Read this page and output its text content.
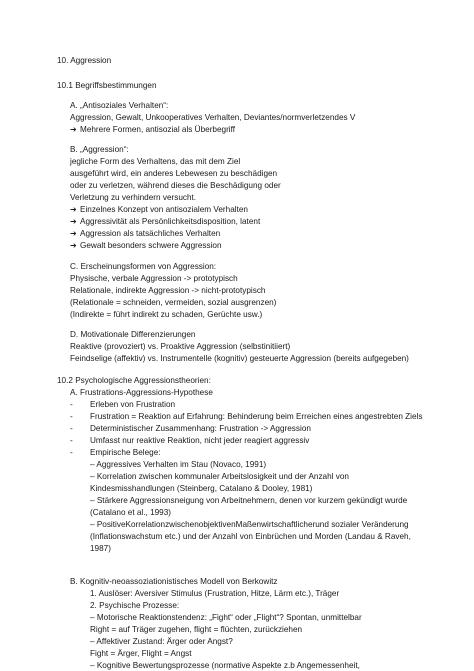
10. Aggression
10.1 Begriffsbestimmungen
A. „Antisoziales Verhalten“:
Aggression, Gewalt, Unkooperatives Verhalten, Deviantes/normverletzendes V
➔ Mehrere Formen, antisozial als Überbegriff
B. „Aggression“:
jegliche Form des Verhaltens, das mit dem Ziel
ausgeführt wird, ein anderes Lebewesen zu beschädigen
oder zu verletzen, während dieses die Beschädigung oder
Verletzung zu verhindern versucht.
➔ Einzelnes Konzept von antisozialem Verhalten
➔ Aggressivität als Persönlichkeitsdisposition, latent
➔ Aggression als tatsächliches Verhalten
➔ Gewalt besonders schwere Aggression
C. Erscheinungsformen von Aggression:
Physische, verbale Aggression -> prototypisch
Relationale, indirekte Aggression -> nicht-prototypisch
(Relationale = schneiden, vermeiden, sozial ausgrenzen)
(Indirekte = führt indirekt zu schaden, Gerüchte usw.)
D. Motivationale Differenzierungen
Reaktive (provoziert) vs. Proaktive Aggression (selbstinitiiert)
Feindselige (affektiv) vs. Instrumentelle (kognitiv) gesteuerte Aggression (bereits aufgegeben)
10.2 Psychologische Aggressionstheorien:
A. Frustrations-Aggressions-Hypothese
- Erleben von Frustration
- Frustration = Reaktion auf Erfahrung: Behinderung beim Erreichen eines angestrebten Ziels
- Deterministischer Zusammenhang: Frustration -> Aggression
- Umfasst nur reaktive Reaktion, nicht jeder reagiert aggressiv
- Empirische Belege:
– Aggressives Verhalten im Stau (Novaco, 1991)
– Korrelation zwischen kommunaler Arbeitslosigkeit und der Anzahl von
Kindesmisshandlungen (Steinberg, Catalano & Dooley, 1981)
– Stärkere Aggressionsneigung von Arbeitnehmern, denen vor kurzem gekündigt wurde
(Catalano et al., 1993)
– PositiveKorrelationzwischenobjektivenMaßenwirtschaftlicherund sozialer Veränderung
(Inflationswachstum etc.) und der Anzahl von Einbrüchen und Morden (Landau & Raveh,
1987)
B. Kognitiv-neoassoziationistisches Modell von Berkowitz
1. Auslöser: Aversiver Stimulus (Frustration, Hitze, Lärm etc.), Träger
2. Psychische Prozesse:
– Motorische Reaktionstendenz: „Fight“ oder „Flight“? Spontan, unmittelbar
Right = auf Träger zugehen, flight = flüchten, zurückziehen
– Affektiver Zustand: Ärger oder Angst?
Fight = Ärger, Flight = Angst
– Kognitive Bewertungsprozesse (normative Aspekte z.b Angemessenheit,
